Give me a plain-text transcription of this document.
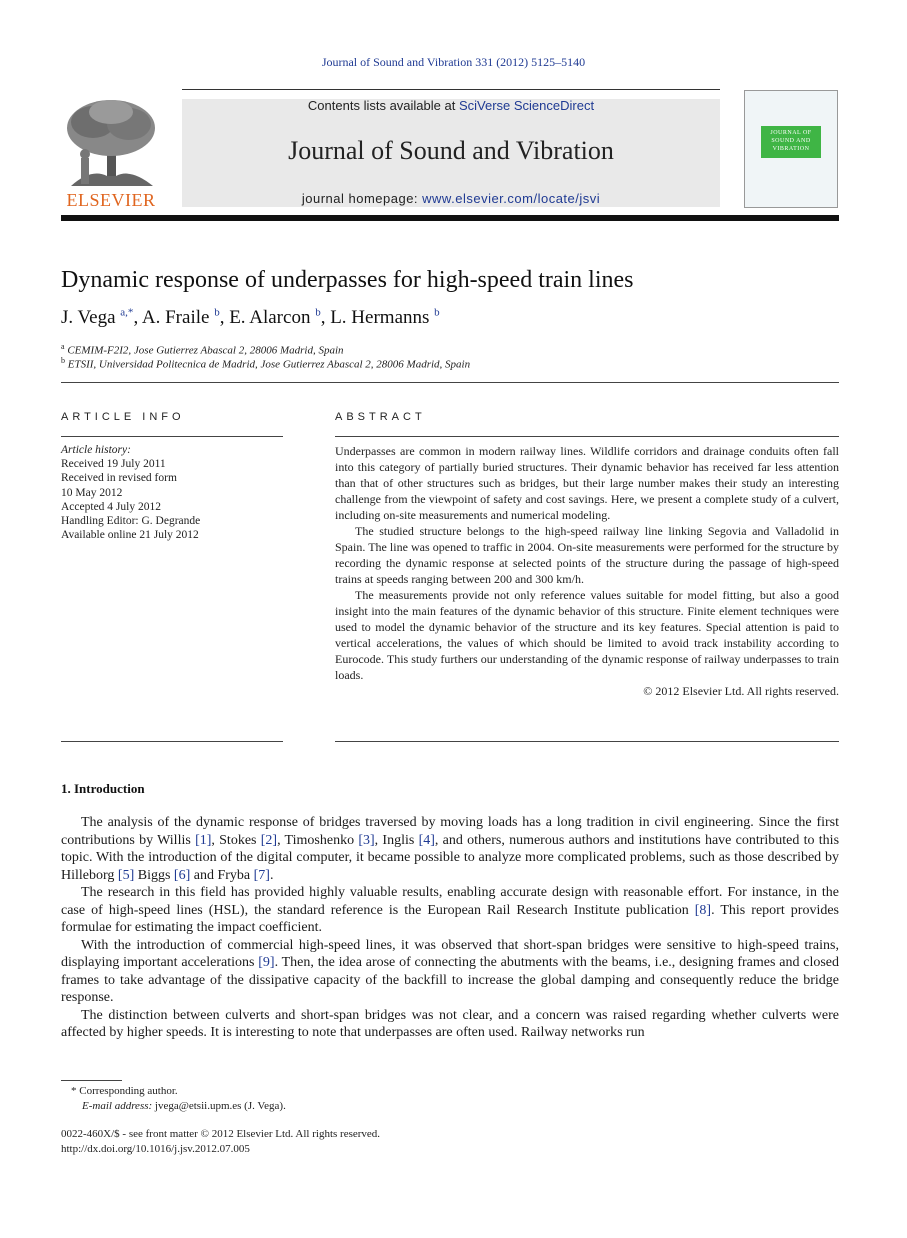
Journal of Sound and Vibration 331 (2012) 5125–5140
ELSEVIER
Contents lists available at SciVerse ScienceDirect
Journal of Sound and Vibration
journal homepage: www.elsevier.com/locate/jsvi
JOURNAL OF SOUND AND VIBRATION
Dynamic response of underpasses for high-speed train lines
J. Vega $^{a,*}$, A. Fraile $^b$, E. Alarcon $^b$, L. Hermanns $^b$
$^a$ CEMIM-F2I2, Jose Gutierrez Abascal 2, 28006 Madrid, Spain
$^b$ ETSII, Universidad Politecnica de Madrid, Jose Gutierrez Abascal 2, 28006 Madrid, Spain
ARTICLE INFO	ABSTRACT
Article history:
Received 19 July 2011
Received in revised form
10 May 2012
Accepted 4 July 2012
Handling Editor: G. Degrande
Available online 21 July 2012

Underpasses are common in modern railway lines. Wildlife corridors and drainage conduits often fall into this category of partially buried structures. Their dynamic behavior has received far less attention than that of other structures such as bridges, but their large number makes their study an interesting challenge from the viewpoint of safety and cost savings. Here, we present a complete study of a culvert, including on-site measurements and numerical modeling.

The studied structure belongs to the high-speed railway line linking Segovia and Valladolid in Spain. The line was opened to traffic in 2004. On-site measurements were performed for the structure by recording the dynamic response at selected points of the structure during the passage of high-speed trains at speeds ranging between 200 and 300 km/h.

The measurements provide not only reference values suitable for model fitting, but also a good insight into the main features of the dynamic behavior of this structure. Finite element techniques were used to model the dynamic behavior of the structure and its key features. Special attention is paid to vertical accelerations, the values of which should be limited to avoid track instability according to Eurocode. This study furthers our understanding of the dynamic response of railway underpasses to train loads.

© 2012 Elsevier Ltd. All rights reserved.

1. Introduction

The analysis of the dynamic response of bridges traversed by moving loads has a long tradition in civil engineering. Since the first contributions by Willis [1], Stokes [2], Timoshenko [3], Inglis [4], and others, numerous authors and institutions have contributed to this topic. With the introduction of the digital computer, it became possible to analyze more complicated problems, such as those described by Hilleborg [5] Biggs [6] and Fryba [7].

The research in this field has provided highly valuable results, enabling accurate design with reasonable effort. For instance, in the case of high-speed lines (HSL), the standard reference is the European Rail Research Institute publication [8]. This report provides formulae for estimating the impact coefficient.

With the introduction of commercial high-speed lines, it was observed that short-span bridges were sensitive to high-speed trains, displaying important accelerations [9]. Then, the idea arose of connecting the abutments with the beams, i.e., designing frames and closed frames to take advantage of the dissipative capacity of the backfill to increase the global damping and consequently reduce the bridge response.

The distinction between culverts and short-span bridges was not clear, and a concern was raised regarding whether culverts were affected by higher speeds. It is interesting to note that underpasses are often used. Railway networks run

* Corresponding author.
E-mail address: jvega@etsii.upm.es (J. Vega).
0022-460X/$ - see front matter © 2012 Elsevier Ltd. All rights reserved.
http://dx.doi.org/10.1016/j.jsv.2012.07.005
